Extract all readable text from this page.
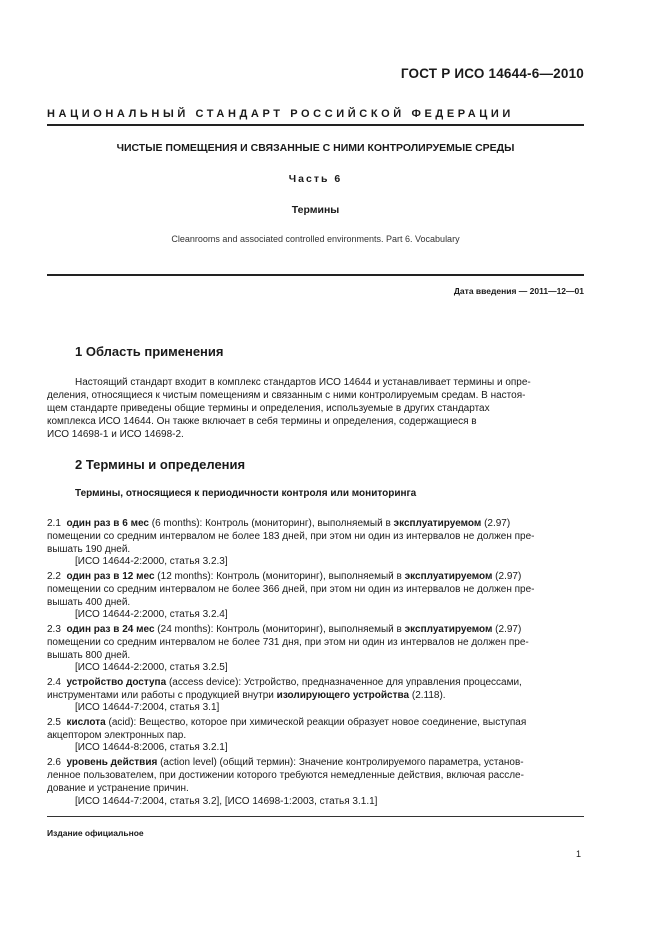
ГОСТ Р ИСО 14644-6—2010
НАЦИОНАЛЬНЫЙ СТАНДАРТ РОССИЙСКОЙ ФЕДЕРАЦИИ
ЧИСТЫЕ ПОМЕЩЕНИЯ И СВЯЗАННЫЕ С НИМИ КОНТРОЛИРУЕМЫЕ СРЕДЫ
Часть 6
Термины
Cleanrooms and associated controlled environments. Part 6. Vocabulary
Дата введения — 2011—12—01
1 Область применения
Настоящий стандарт входит в комплекс стандартов ИСО 14644 и устанавливает термины и опре-
деления, относящиеся к чистым помещениям и связанным с ними контролируемым средам. В настоя-
щем стандарте приведены общие термины и определения, используемые в других стандартах
комплекса ИСО 14644. Он также включает в себя термины и определения, содержащиеся в
ИСО 14698-1 и ИСО 14698-2.
2 Термины и определения
Термины, относящиеся к периодичности контроля или мониторинга
2.1 один раз в 6 мес (6 months): Контроль (мониторинг), выполняемый в эксплуатируемом (2.97)
помещении со средним интервалом не более 183 дней, при этом ни один из интервалов не должен пре-
вышать 190 дней.
[ИСО 14644-2:2000, статья 3.2.3]
2.2 один раз в 12 мес (12 months): Контроль (мониторинг), выполняемый в эксплуатируемом (2.97)
помещении со средним интервалом не более 366 дней, при этом ни один из интервалов не должен пре-
вышать 400 дней.
[ИСО 14644-2:2000, статья 3.2.4]
2.3 один раз в 24 мес (24 months): Контроль (мониторинг), выполняемый в эксплуатируемом (2.97)
помещении со средним интервалом не более 731 дня, при этом ни один из интервалов не должен пре-
вышать 800 дней.
[ИСО 14644-2:2000, статья 3.2.5]
2.4 устройство доступа (access device): Устройство, предназначенное для управления процессами,
инструментами или работы с продукцией внутри изолирующего устройства (2.118).
[ИСО 14644-7:2004, статья 3.1]
2.5 кислота (acid): Вещество, которое при химической реакции образует новое соединение, выступая
акцептором электронных пар.
[ИСО 14644-8:2006, статья 3.2.1]
2.6 уровень действия (action level) (общий термин): Значение контролируемого параметра, установ-
ленное пользователем, при достижении которого требуются немедленные действия, включая рассле-
дование и устранение причин.
[ИСО 14644-7:2004, статья 3.2], [ИСО 14698-1:2003, статья 3.1.1]
Издание официальное
1
